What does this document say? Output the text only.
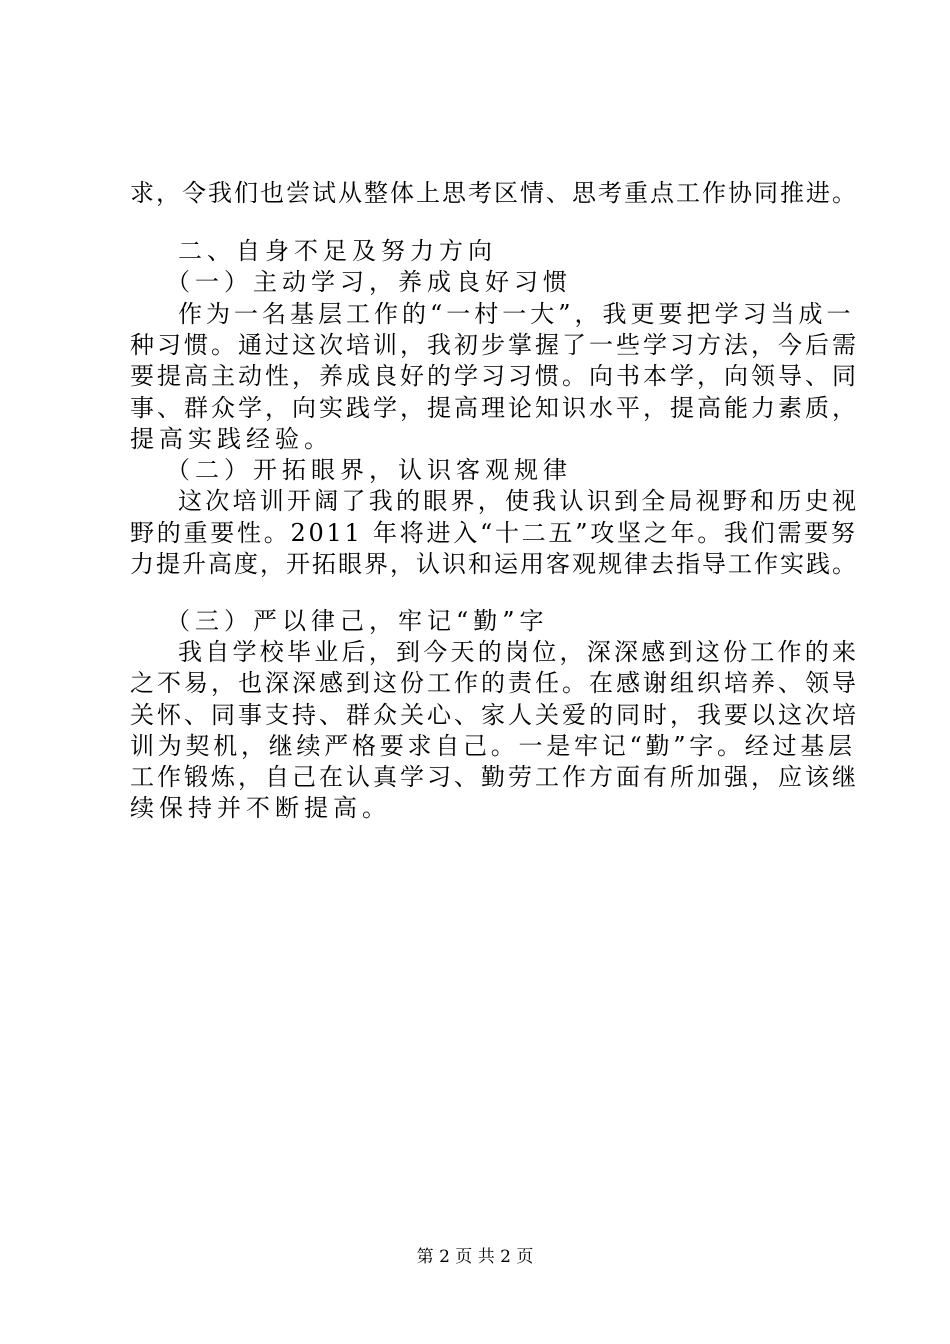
求，令我们也尝试从整体上思考区情、思考重点工作协同推进。

二、自身不足及努力方向

（一）主动学习，养成良好习惯

作为一名基层工作的“一村一大”，我更要把学习当成一

种习惯。通过这次培训，我初步掌握了一些学习方法，今后需

要提高主动性，养成良好的学习习惯。向书本学，向领导、同

事、群众学，向实践学，提高理论知识水平，提高能力素质，

提高实践经验。

（二）开拓眼界，认识客观规律

这次培训开阔了我的眼界，使我认识到全局视野和历史视

野的重要性。2011 年将进入“十二五”攻坚之年。我们需要努

力提升高度，开拓眼界，认识和运用客观规律去指导工作实践。

（三）严以律己，牢记“勤”字

我自学校毕业后，到今天的岗位，深深感到这份工作的来

之不易，也深深感到这份工作的责任。在感谢组织培养、领导

关怀、同事支持、群众关心、家人关爱的同时，我要以这次培

训为契机，继续严格要求自己。一是牢记“勤”字。经过基层

工作锻炼，自己在认真学习、勤劳工作方面有所加强，应该继

续保持并不断提高。

第 2 页 共 2 页
